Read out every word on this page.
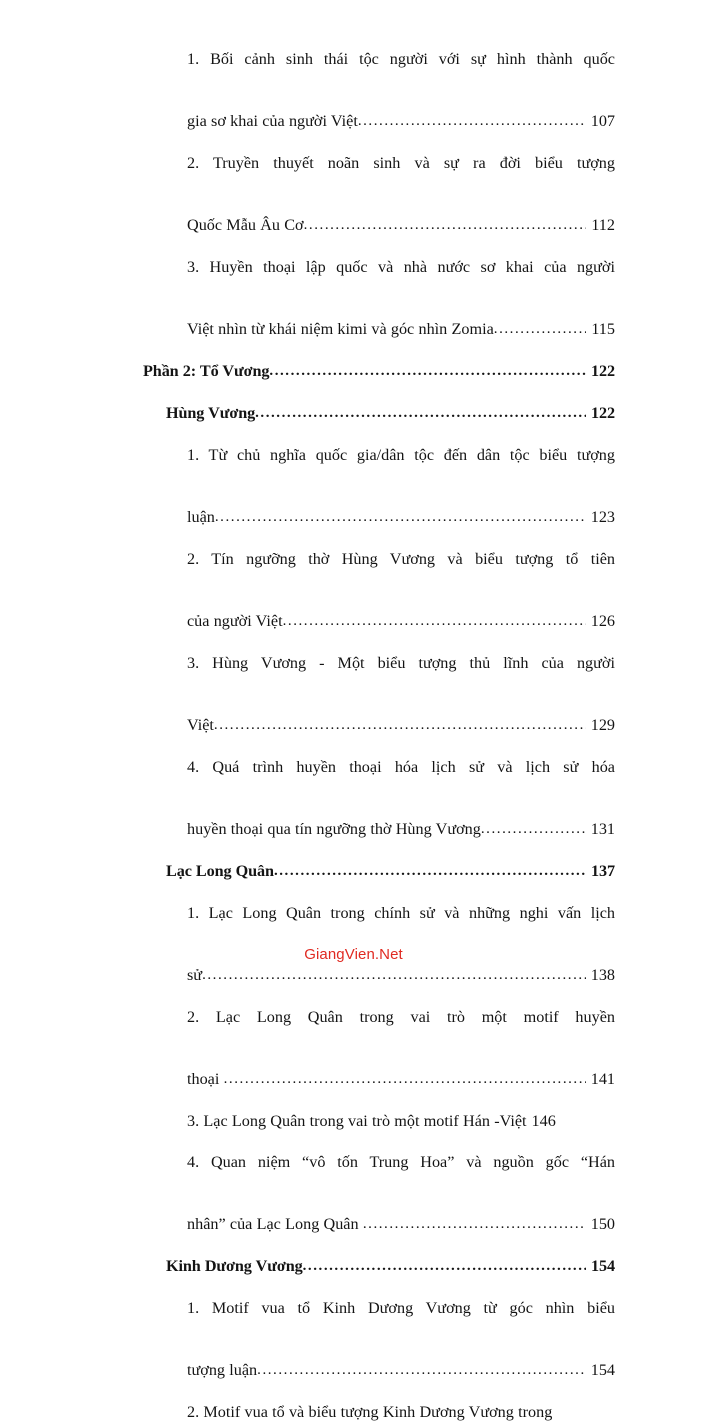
1. Bối cảnh sinh thái tộc người với sự hình thành quốc
gia sơ khai của người Việt .....	107
2. Truyền thuyết noãn sinh và sự ra đời biểu tượng
Quốc Mẫu Âu Cơ .....	112
3. Huyền thoại lập quốc và nhà nước sơ khai của người
Việt nhìn từ khái niệm kimi và góc nhìn Zomia .....	115
Phần 2: Tổ Vương .....	122
Hùng Vương .....	122
1. Từ chủ nghĩa quốc gia/dân tộc đến dân tộc biểu tượng
luận .....	123
2. Tín ngưỡng thờ Hùng Vương và biểu tượng tổ tiên
của người Việt .....	126
3. Hùng Vương - Một biểu tượng thủ lĩnh của người
Việt .....	129
4. Quá trình huyền thoại hóa lịch sử và lịch sử hóa
huyền thoại qua tín ngưỡng thờ Hùng Vương .....	131
Lạc Long Quân .....	137
1. Lạc Long Quân trong chính sử và những nghi vấn lịch
sử .....	138
2. Lạc Long Quân trong vai trò một motif huyền
thoại .....	141
3. Lạc Long Quân trong vai trò một motif Hán -Việt 146
4. Quan niệm “vô tốn Trung Hoa” và nguồn gốc “Hán
nhân” của Lạc Long Quân .....	150
Kinh Dương Vương .....	154
1. Motif vua tổ Kinh Dương Vương từ góc nhìn biểu
tượng luận .....	154
2. Motif vua tổ và biểu tượng Kinh Dương Vương trong
GiangVien.Net
